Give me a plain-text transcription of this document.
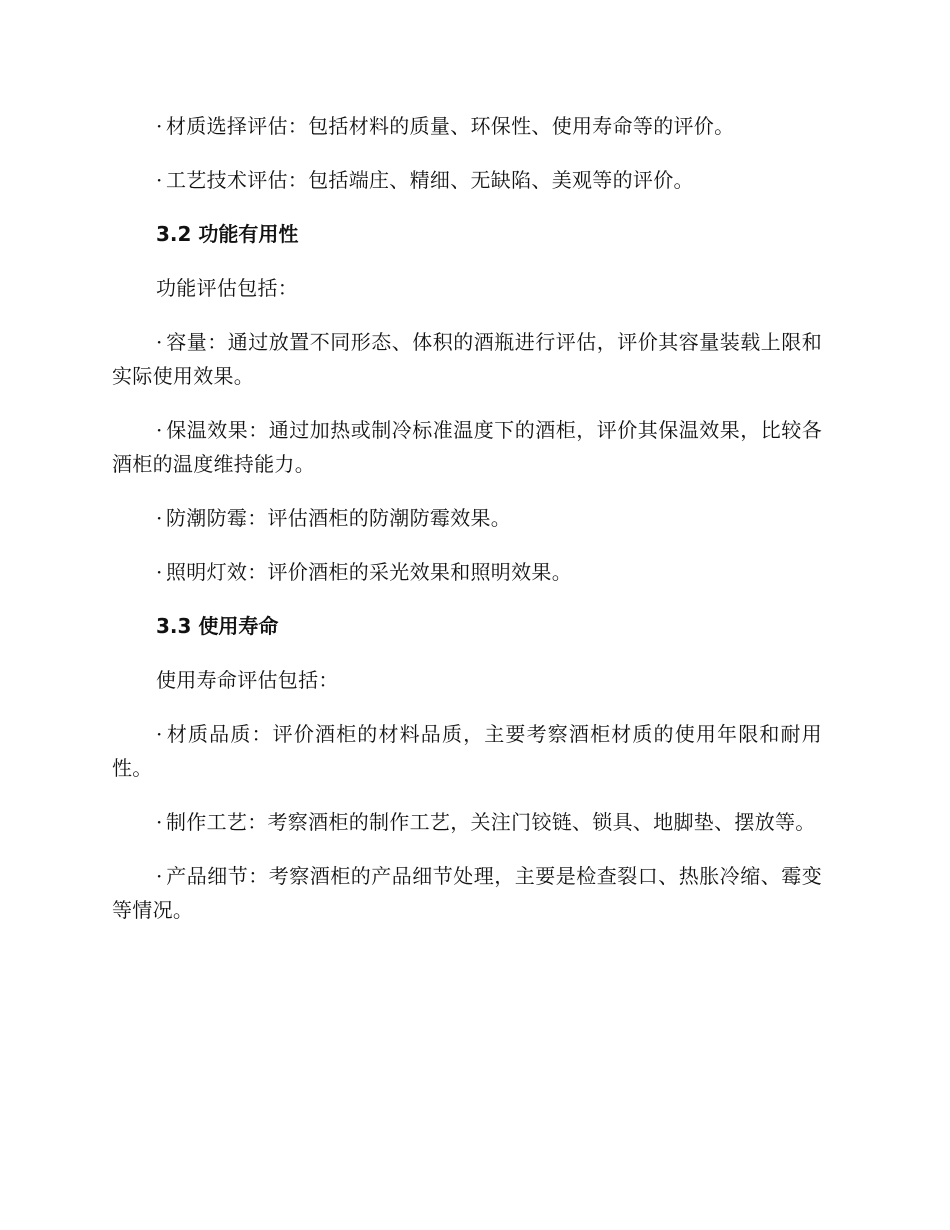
· 材质选择评估：包括材料的质量、环保性、使用寿命等的评价。

· 工艺技术评估：包括端庄、精细、无缺陷、美观等的评价。

3.2 功能有用性

功能评估包括：

· 容量：通过放置不同形态、体积的酒瓶进行评估，评价其容量装载上限和实际使用效果。

· 保温效果：通过加热或制冷标准温度下的酒柜，评价其保温效果，比较各酒柜的温度维持能力。

· 防潮防霉：评估酒柜的防潮防霉效果。

· 照明灯效：评价酒柜的采光效果和照明效果。

3.3 使用寿命

使用寿命评估包括：

· 材质品质：评价酒柜的材料品质，主要考察酒柜材质的使用年限和耐用性。

· 制作工艺：考察酒柜的制作工艺，关注门铰链、锁具、地脚垫、摆放等。

· 产品细节：考察酒柜的产品细节处理，主要是检查裂口、热胀冷缩、霉变等情况。
